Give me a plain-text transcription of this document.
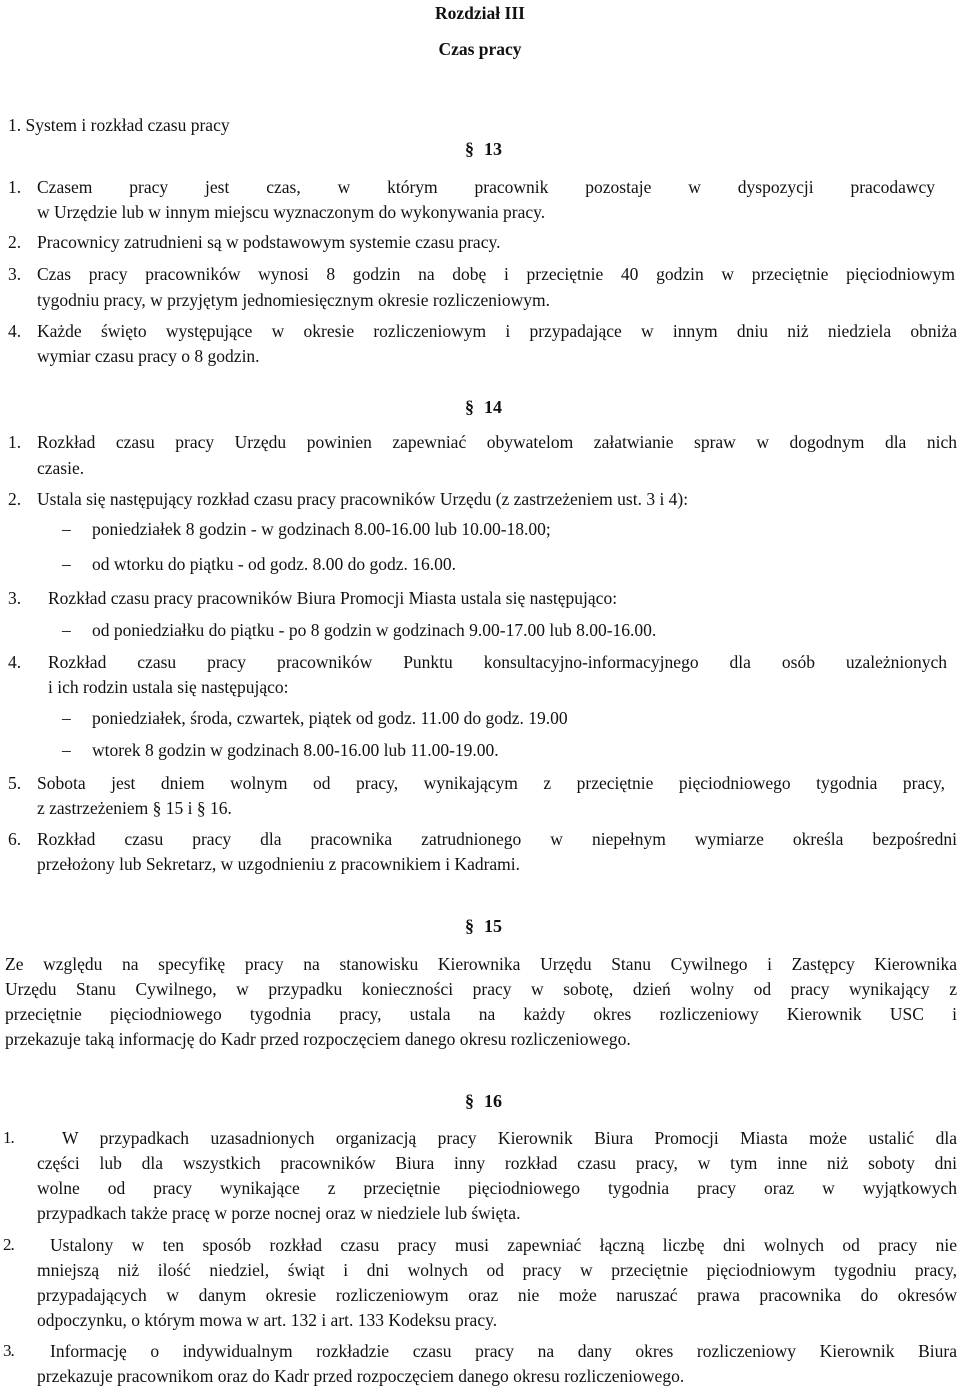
Rozdział III
Czas pracy
1. System i rozkład czasu pracy
§ 13
1. Czasem pracy jest czas, w którym pracownik pozostaje w dyspozycji pracodawcy
w Urzędzie lub w innym miejscu wyznaczonym do wykonywania pracy.
2. Pracownicy zatrudnieni są w podstawowym systemie czasu pracy.
3. Czas pracy pracowników wynosi 8 godzin na dobę i przeciętnie 40 godzin w przeciętnie pięciodniowym
tygodniu pracy, w przyjętym jednomiesięcznym okresie rozliczeniowym.
4. Każde święto występujące w okresie rozliczeniowym i przypadające w innym dniu niż niedziela obniża
wymiar czasu pracy o 8 godzin.
§ 14
1. Rozkład czasu pracy Urzędu powinien zapewniać obywatelom załatwianie spraw w dogodnym dla nich
czasie.
2. Ustala się następujący rozkład czasu pracy pracowników Urzędu (z zastrzeżeniem ust. 3 i 4):
– poniedziałek 8 godzin - w godzinach 8.00-16.00 lub 10.00-18.00;
– od wtorku do piątku - od godz. 8.00 do godz. 16.00.
3. Rozkład czasu pracy pracowników Biura Promocji Miasta ustala się następująco:
– od poniedziałku do piątku - po 8 godzin w godzinach 9.00-17.00 lub 8.00-16.00.
4. Rozkład czasu pracy pracowników Punktu konsultacyjno-informacyjnego dla osób uzależnionych
i ich rodzin ustala się następująco:
– poniedziałek, środa, czwartek, piątek od godz. 11.00 do godz. 19.00
– wtorek 8 godzin w godzinach 8.00-16.00 lub 11.00-19.00.
5. Sobota jest dniem wolnym od pracy, wynikającym z przeciętnie pięciodniowego tygodnia pracy,
z zastrzeżeniem § 15 i § 16.
6. Rozkład czasu pracy dla pracownika zatrudnionego w niepełnym wymiarze określa bezpośredni
przełożony lub Sekretarz, w uzgodnieniu z pracownikiem i Kadrami.
§ 15
Ze względu na specyfikę pracy na stanowisku Kierownika Urzędu Stanu Cywilnego i Zastępcy Kierownika
Urzędu Stanu Cywilnego, w przypadku konieczności pracy w sobotę, dzień wolny od pracy wynikający z
przeciętnie pięciodniowego tygodnia pracy, ustala na każdy okres rozliczeniowy Kierownik USC i
przekazuje taką informację do Kadr przed rozpoczęciem danego okresu rozliczeniowego.
§ 16
1.	W przypadkach uzasadnionych organizacją pracy Kierownik Biura Promocji Miasta może ustalić dla
części lub dla wszystkich pracowników Biura inny rozkład czasu pracy, w tym inne niż soboty dni
wolne od pracy wynikające z przeciętnie pięciodniowego tygodnia pracy oraz w wyjątkowych
przypadkach także pracę w porze nocnej oraz w niedziele lub święta.
2. Ustalony w ten sposób rozkład czasu pracy musi zapewniać łączną liczbę dni wolnych od pracy nie
mniejszą niż ilość niedziel, świąt i dni wolnych od pracy w przeciętnie pięciodniowym tygodniu pracy,
przypadających w danym okresie rozliczeniowym oraz nie może naruszać prawa pracownika do okresów
odpoczynku, o którym mowa w art. 132 i art. 133 Kodeksu pracy.
3. Informację o indywidualnym rozkładzie czasu pracy na dany okres rozliczeniowy Kierownik Biura
przekazuje pracownikom oraz do Kadr przed rozpoczęciem danego okresu rozliczeniowego.
